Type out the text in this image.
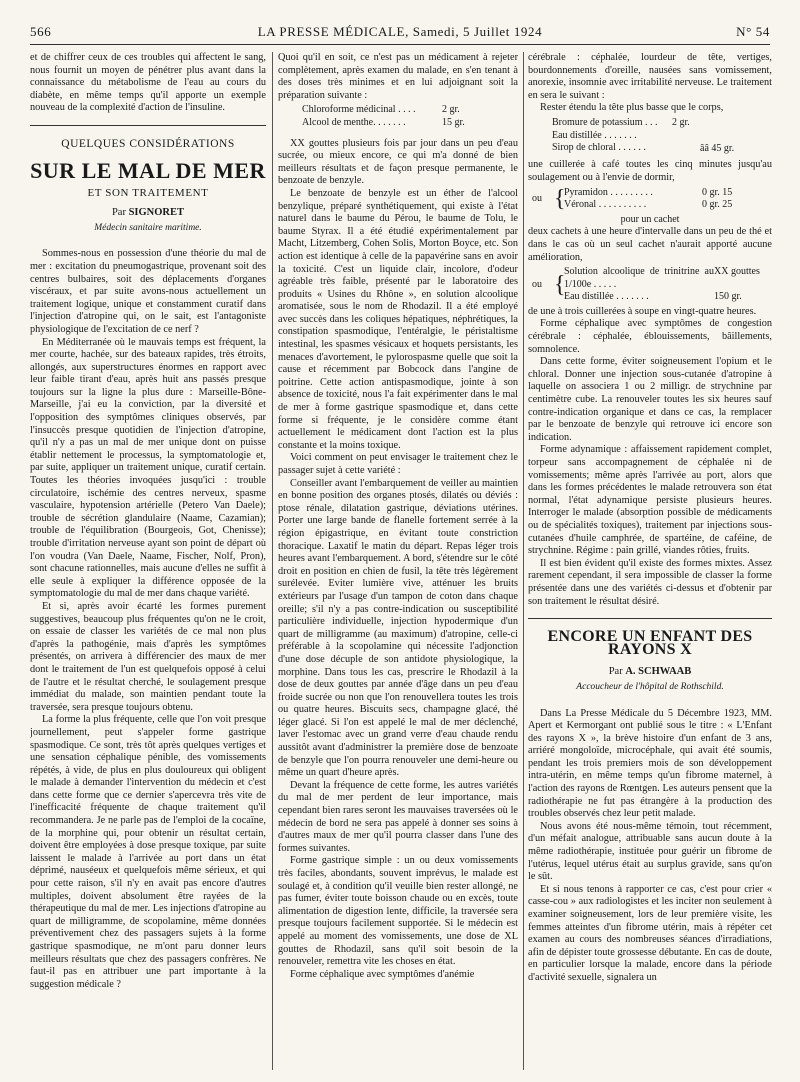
566	LA PRESSE MÉDICALE, Samedi, 5 Juillet 1924	N° 54

et de chiffrer ceux de ces troubles qui affectent le sang, nous fournit un moyen de pénétrer plus avant dans la connaissance du métabolisme de l'eau au cours du diabète, en même temps qu'il apporte un exemple nouveau de la complexité d'action de l'insuline.

QUELQUES CONSIDÉRATIONS
SUR LE MAL DE MER
ET SON TRAITEMENT
Par SIGNORET
Médecin sanitaire maritime.

Sommes-nous en possession d'une théorie du mal de mer : excitation du pneumogastrique, provenant soit des centres bulbaires, soit des déplacements d'organes viscéraux, et par suite avons-nous actuellement un traitement logique, unique et constamment curatif dans l'injection d'atropine qui, on le sait, est l'antagoniste physiologique de l'excitation de ce nerf ?

En Méditerranée où le mauvais temps est fréquent, la mer courte, hachée, sur des bateaux rapides, très étroits, allongés, aux superstructures énormes en rapport avec leur faible tirant d'eau, après huit ans passés presque toujours sur la ligne la plus dure : Marseille-Bône-Marseille, j'ai eu la conviction, par la diversité et l'opposition des symptômes cliniques observés, par l'insuccès presque quotidien de l'injection d'atropine, qu'il n'y a pas un mal de mer unique dont on puisse établir nettement le processus, la symptomatologie et, par suite, appliquer un traitement unique, curatif certain. Toutes les théories invoquées jusqu'ici : trouble circulatoire, ischémie des centres nerveux, spasme vasculaire, hypotension artérielle (Petero Van Daele); trouble de sécrétion glandulaire (Naame, Cazamian); trouble de l'équilibration (Bourgeois, Got, Chenisse); trouble d'irritation nerveuse ayant son point de départ où l'on voudra (Van Daele, Naame, Fischer, Nolf, Pron), sont chacune rationnelles, mais aucune d'elles ne suffit à elle seule à expliquer la différence opposée de la symptomatologie du mal de mer dans chaque variété.

Et si, après avoir écarté les formes purement suggestives, beaucoup plus fréquentes qu'on ne le croit, on essaie de classer les variétés de ce mal non plus d'après la pathogénie, mais d'après les symptômes présentés, on arrivera à différencier des maux de mer dont le traitement de l'un est quelquefois opposé à celui de l'autre et le résultat cherché, le soulagement presque immédiat du malade, son maintien pendant toute la traversée, sera presque toujours obtenu.

La forme la plus fréquente, celle que l'on voit presque journellement, peut s'appeler forme gastrique spasmodique. Ce sont, très tôt après quelques vertiges et une sensation céphalique pénible, des vomissements répétés, à vide, de plus en plus douloureux qui obligent le malade à demander l'intervention du médecin et c'est dans cette forme que ce dernier s'apercevra très vite de l'inefficacité fréquente de chaque traitement qu'il recommandera. Je ne parle pas de l'emploi de la cocaïne, de la morphine qui, pour obtenir un résultat certain, doivent être employées à dose presque toxique, par suite laissent le malade à l'arrivée au port dans un état déprimé, nauséeux et quelquefois même sérieux, et qui pour cette raison, s'il n'y en avait pas encore d'autres multiples, doivent absolument être rayées de la thérapeutique du mal de mer. Les injections d'atropine au quart de milligramme, de scopolamine, même données préventivement chez des passagers sujets à la forme gastrique spasmodique, ne m'ont paru donner leurs meilleurs résultats que chez des passagers confrères. Ne faut-il pas en attribuer une part importante à la suggestion médicale ?

Quoi qu'il en soit, ce n'est pas un médicament à rejeter complètement, après examen du malade, en s'en tenant à des doses très minimes et en lui adjoignant soit la préparation suivante :

Chloroforme médicinal . . . .	2 gr.
Alcool de menthe. . . . . . .	15 gr.

XX gouttes plusieurs fois par jour dans un peu d'eau sucrée, ou mieux encore, ce qui m'a donné de bien meilleurs résultats et de façon presque permanente, le benzoate de benzyle.

Le benzoate de benzyle est un éther de l'alcool benzylique, préparé synthétiquement, qui existe à l'état naturel dans le baume du Pérou, le baume de Tolu, le baume Styrax. Il a été étudié expérimentalement par Macht, Litzemberg, Cohen Solis, Morton Boyce, etc. Son action est identique à celle de la papavérine sans en avoir la toxicité. C'est un liquide clair, incolore, d'odeur agréable très faible, présenté par le laboratoire des produits « Usines du Rhône », en solution alcoolique aromatisée, sous le nom de Rhodazil. Il a été employé avec succès dans les coliques hépatiques, néphrétiques, la constipation spasmodique, l'entéralgie, le péristaltisme intestinal, les spasmes vésicaux et hoquets persistants, les menaces d'avortement, le pylorospasme quelle que soit la cause et récemment par Bobcock dans l'angine de poitrine. Cette action antispasmodique, jointe à son absence de toxicité, nous l'a fait expérimenter dans le mal de mer à forme gastrique spasmodique et, dans cette forme si fréquente, je le considère comme étant actuellement le médicament dont l'action est la plus constante et la moins toxique.

Voici comment on peut envisager le traitement chez le passager sujet à cette variété :

Conseiller avant l'embarquement de veiller au maintien en bonne position des organes ptosés, dilatés ou déviés : ptose rénale, dilatation gastrique, déviations utérines. Porter une large bande de flanelle fortement serrée à la région épigastrique, en évitant toute constriction thoracique. Laxatif le matin du départ. Repas léger trois heures avant l'embarquement. A bord, s'étendre sur le côté droit en position en chien de fusil, la tête très légèrement surélevée. Eviter lumière vive, atténuer les bruits extérieurs par l'usage d'un tampon de coton dans chaque oreille; s'il n'y a pas contre-indication ou susceptibilité particulière individuelle, injection hypodermique d'un quart de milligramme (au maximum) d'atropine, celle-ci préférable à la scopolamine qui nécessite l'adjonction d'une dose décuple de son antidote physiologique, la morphine. Dans tous les cas, prescrire le Rhodazil à la dose de deux gouttes par année d'âge dans un peu d'eau froide sucrée ou non que l'on renouvellera toutes les trois ou quatre heures. Biscuits secs, champagne glacé, thé léger glacé. Si l'on est appelé le mal de mer déclenché, laver l'estomac avec un grand verre d'eau chaude rendu aussitôt avant d'administrer la première dose de benzoate de benzyle que l'on pourra renouveler une demi-heure ou même un quart d'heure après.

Devant la fréquence de cette forme, les autres variétés du mal de mer perdent de leur importance, mais cependant bien rares seront les mauvaises traversées où le médecin de bord ne sera pas appelé à donner ses soins à d'autres maux de mer qu'il pourra classer dans l'une des formes suivantes.

Forme gastrique simple : un ou deux vomissements très faciles, abondants, souvent imprévus, le malade est soulagé et, à condition qu'il veuille bien rester allongé, ne pas fumer, éviter toute boisson chaude ou en excès, toute alimentation de digestion lente, difficile, la traversée sera presque toujours facilement supportée. Si le médecin est appelé au moment des vomissements, une dose de XL gouttes de Rhodazil, sans qu'il soit besoin de la renouveler, remettra vite les choses en état.

Forme céphalique avec symptômes d'anémie

cérébrale : céphalée, lourdeur de tête, vertiges, bourdonnements d'oreille, nausées sans vomissement, anorexie, insomnie avec irritabilité nerveuse. Le traitement en sera le suivant :

Rester étendu la tête plus basse que le corps,

Bromure de potassium . . .	2 gr.
Eau distillée . . . . . . .
Sirop de chloral . . . . . .	ââ 45 gr.

une cuillerée à café toutes les cinq minutes jusqu'au soulagement ou à l'envie de dormir,

ou {
Pyramidon . . . . . . . . .	0 gr. 15
Véronal . . . . . . . . . .	0 gr. 25
pour un cachet

deux cachets à une heure d'intervalle dans un peu de thé et dans le cas où un seul cachet n'aurait apporté aucune amélioration,

ou {
Solution alcoolique de trinitrine au 1/100e . . . . .
XX gouttes
Eau distillée . . . . . . .	150 gr.

de une à trois cuillerées à soupe en vingt-quatre heures.

Forme céphalique avec symptômes de congestion cérébrale : céphalée, éblouissements, bâillements, somnolence.

Dans cette forme, éviter soigneusement l'opium et le chloral. Donner une injection sous-cutanée d'atropine à laquelle on associera 1 ou 2 milligr. de strychnine par centimètre cube. La renouveler toutes les six heures sauf contre-indication organique et dans ce cas, la remplacer par le benzoate de benzyle qui retrouve ici encore son indication.

Forme adynamique : affaissement rapidement complet, torpeur sans accompagnement de céphalée ni de vomissements; même après l'arrivée au port, alors que dans les formes précédentes le malade retrouvera son état normal, l'état adynamique persiste plusieurs heures. Interroger le malade (absorption possible de médicaments ou de spécialités toxiques), traitement par injections sous-cutanées d'huile camphrée, de spartéine, de caféine, de strychnine. Régime : pain grillé, viandes rôties, fruits.

Il est bien évident qu'il existe des formes mixtes. Assez rarement cependant, il sera impossible de classer la forme présentée dans une des variétés ci-dessus et d'obtenir par son traitement le résultat désiré.

ENCORE UN ENFANT DES RAYONS X
Par A. SCHWAAB
Accoucheur de l'hôpital de Rothschild.

Dans La Presse Médicale du 5 Décembre 1923, MM. Apert et Kermorgant ont publié sous le titre : « L'Enfant des rayons X », la brève histoire d'un enfant de 3 ans, arriéré mongoloïde, microcéphale, qui avait été soumis, pendant les trois premiers mois de son développement intra-utérin, en même temps qu'un fibrome maternel, à l'action des rayons de Rœntgen. Les auteurs pensent que la radiothérapie ne fut pas étrangère à la production des troubles observés chez leur petit malade.

Nous avons été nous-même témoin, tout récemment, d'un méfait analogue, attribuable sans aucun doute à la même radiothérapie, instituée pour guérir un fibrome de l'utérus, lequel utérus était au surplus gravide, sans qu'on le sût.

Et si nous tenons à rapporter ce cas, c'est pour crier « casse-cou » aux radiologistes et les inciter non seulement à examiner soigneusement, lors de leur première visite, les femmes atteintes d'un fibrome utérin, mais à répéter cet examen au cours des nombreuses séances d'irradiations, afin de dépister toute grossesse débutante. En cas de doute, en particulier lorsque la malade, encore dans la période d'activité sexuelle, signalera un
